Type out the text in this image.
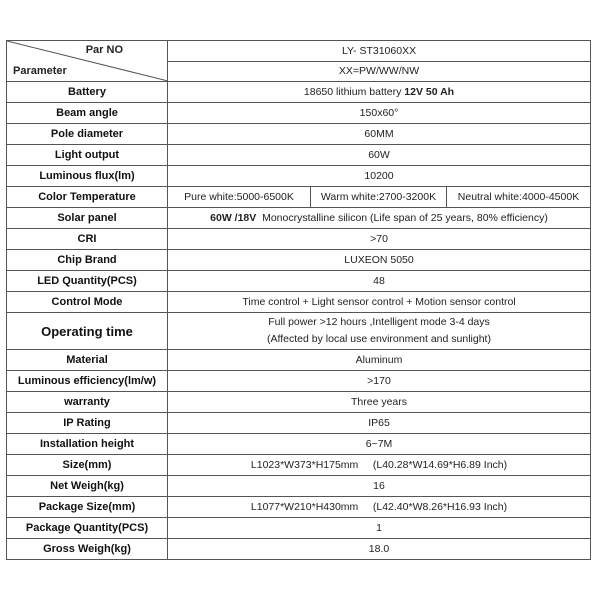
Par NO
Parameter	LY- ST31060XX
XX=PW/WW/NW		

Battery	18650 lithium battery 12V 50 Ah		
Beam angle	150x60°		
Pole diameter	60MM		
Light output	60W		
Luminous flux(lm)	10200		
Color Temperature	Pure white:5000-6500K	Warm white:2700-3200K	Neutral white:4000-4500K
Solar panel	60W /18V  Monocrystalline silicon (Life span of 25 years, 80% efficiency)		
CRI	>70		
Chip Brand	LUXEON 5050		
LED Quantity(PCS)	48		
Control Mode	Time control + Light sensor control + Motion sensor control		
Operating time	Full power >12 hours ,Intelligent mode 3-4 days
(Affected by local use environment and sunlight)		

Material	Aluminum		
Luminous efficiency(lm/w)	>170		
warranty	Three years		
IP Rating	IP65		
Installation height	6~7M		
Size(mm)	L1023*W373*H175mm     (L40.28*W14.69*H6.89 Inch)		
Net Weigh(kg)	16		
Package Size(mm)	L1077*W210*H430mm     (L42.40*W8.26*H16.93 Inch)		
Package Quantity(PCS)	1		
Gross Weigh(kg)	18.0		
